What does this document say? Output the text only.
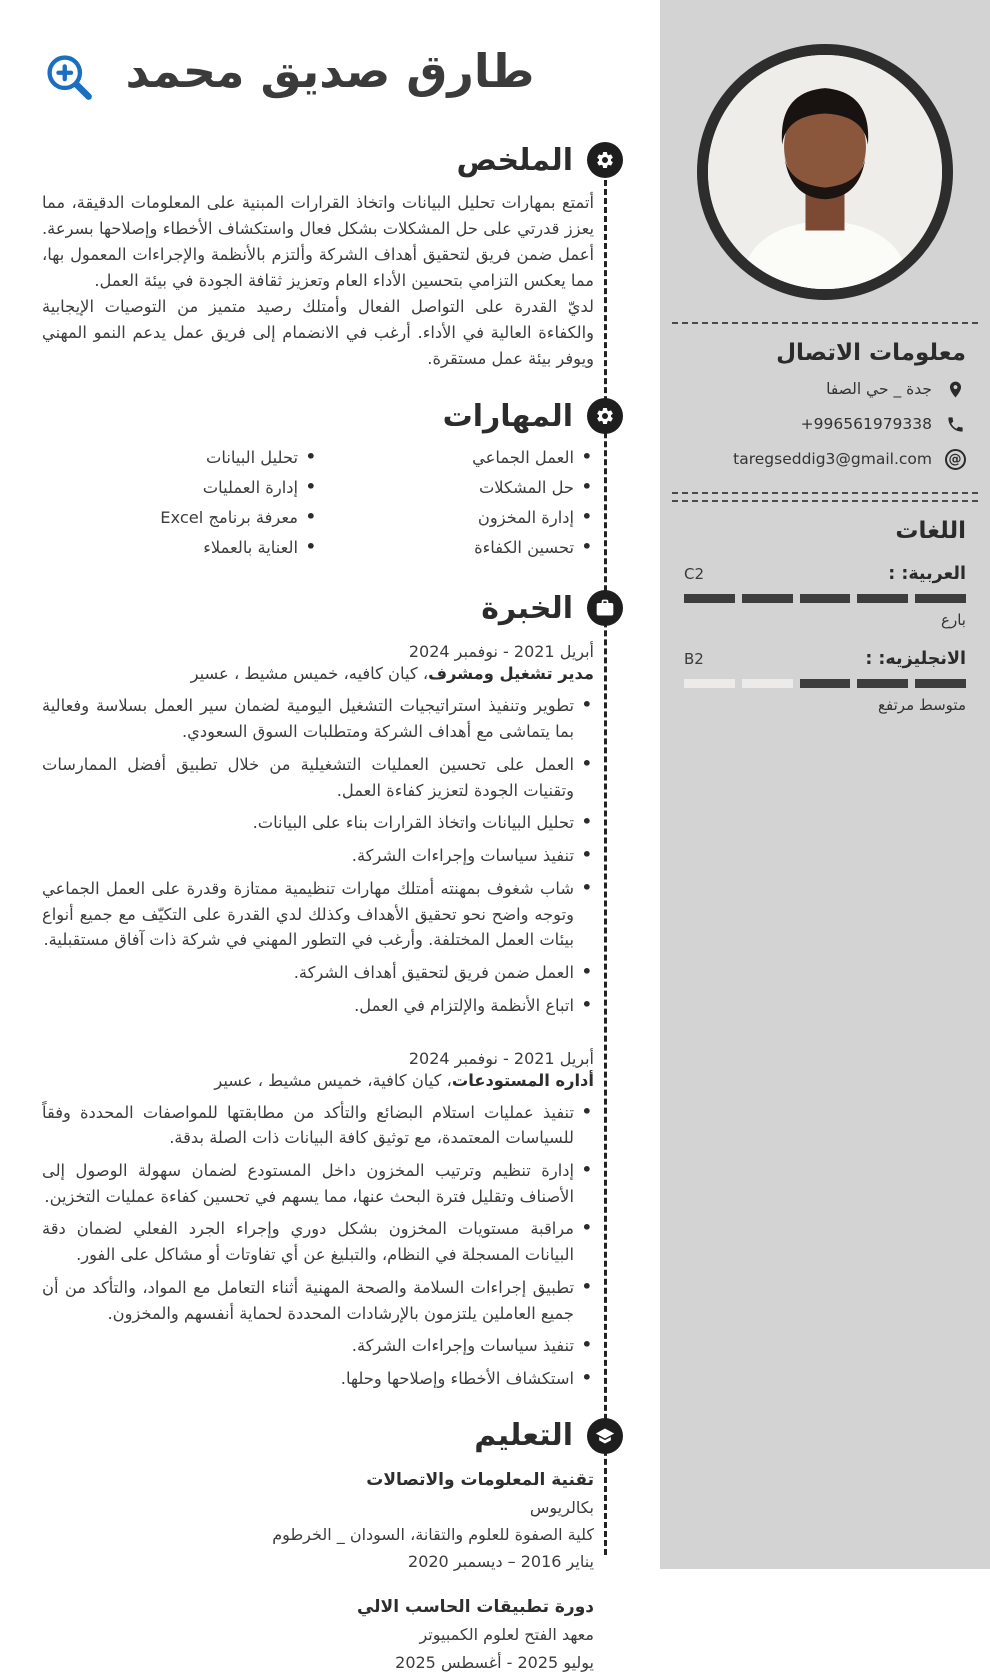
معلومات الاتصال
جدة _ حي الصفا
+996561979338
@
taregseddig3@gmail.com
اللغات
العربية: :
C2
بارع
الانجليزيه: :
B2
متوسط مرتفع
طارق صديق محمد
الملخص

أتمتع بمهارات تحليل البيانات واتخاذ القرارات المبنية على المعلومات الدقيقة، مما يعزز قدرتي على حل المشكلات بشكل فعال واستكشاف الأخطاء وإصلاحها بسرعة. أعمل ضمن فريق لتحقيق أهداف الشركة وألتزم بالأنظمة والإجراءات المعمول بها، مما يعكس التزامي بتحسين الأداء العام وتعزيز ثقافة الجودة في بيئة العمل.

لديّ القدرة على التواصل الفعال وأمتلك رصيد متميز من التوصيات الإيجابية والكفاءة العالية في الأداء. أرغب في الانضمام إلى فريق عمل يدعم النمو المهني ويوفر بيئة عمل مستقرة.

المهارات
• العمل الجماعي
• حل المشكلات
• إدارة المخزون
• تحسين الكفاءة
• تحليل البيانات
• إدارة العمليات
• معرفة برنامج Excel
• العناية بالعملاء
الخبرة
أبريل 2021 - نوفمبر 2024
مدير تشغيل ومشرف، كيان كافيه، خميس مشيط ، عسير
• تطوير وتنفيذ استراتيجيات التشغيل اليومية لضمان سير العمل بسلاسة وفعالية بما يتماشى مع أهداف الشركة ومتطلبات السوق السعودي.
• العمل على تحسين العمليات التشغيلية من خلال تطبيق أفضل الممارسات وتقنيات الجودة لتعزيز كفاءة العمل.
• تحليل البيانات واتخاذ القرارات بناء على البيانات.
• تنفيذ سياسات وإجراءات الشركة.
• شاب شغوف بمهنته أمتلك مهارات تنظيمية ممتازة وقدرة على العمل الجماعي وتوجه واضح نحو تحقيق الأهداف وكذلك لدي القدرة على التكيّف مع جميع أنواع بيئات العمل المختلفة. وأرغب في التطور المهني في شركة ذات آفاق مستقبلية.
• العمل ضمن فريق لتحقيق أهداف الشركة.
• اتباع الأنظمة والإلتزام في العمل.
أبريل 2021 - نوفمبر 2024
أداره المستودعات، كيان كافية، خميس مشيط ، عسير
• تنفيذ عمليات استلام البضائع والتأكد من مطابقتها للمواصفات المحددة وفقاً للسياسات المعتمدة، مع توثيق كافة البيانات ذات الصلة بدقة.
• إدارة تنظيم وترتيب المخزون داخل المستودع لضمان سهولة الوصول إلى الأصناف وتقليل فترة البحث عنها، مما يسهم في تحسين كفاءة عمليات التخزين.
• مراقبة مستويات المخزون بشكل دوري وإجراء الجرد الفعلي لضمان دقة البيانات المسجلة في النظام، والتبليغ عن أي تفاوتات أو مشاكل على الفور.
• تطبيق إجراءات السلامة والصحة المهنية أثناء التعامل مع المواد، والتأكد من أن جميع العاملين يلتزمون بالإرشادات المحددة لحماية أنفسهم والمخزون.
• تنفيذ سياسات وإجراءات الشركة.
• استكشاف الأخطاء وإصلاحها وحلها.
التعليم
تقنية المعلومات والاتصالات
بكالريوس
كلية الصفوة للعلوم والتقانة، السودان _ الخرطوم
يناير 2016 – ديسمبر 2020
دورة تطبيقات الحاسب الالي
معهد الفتح لعلوم الكمبيوتر
يوليو 2025 - أغسطس 2025
